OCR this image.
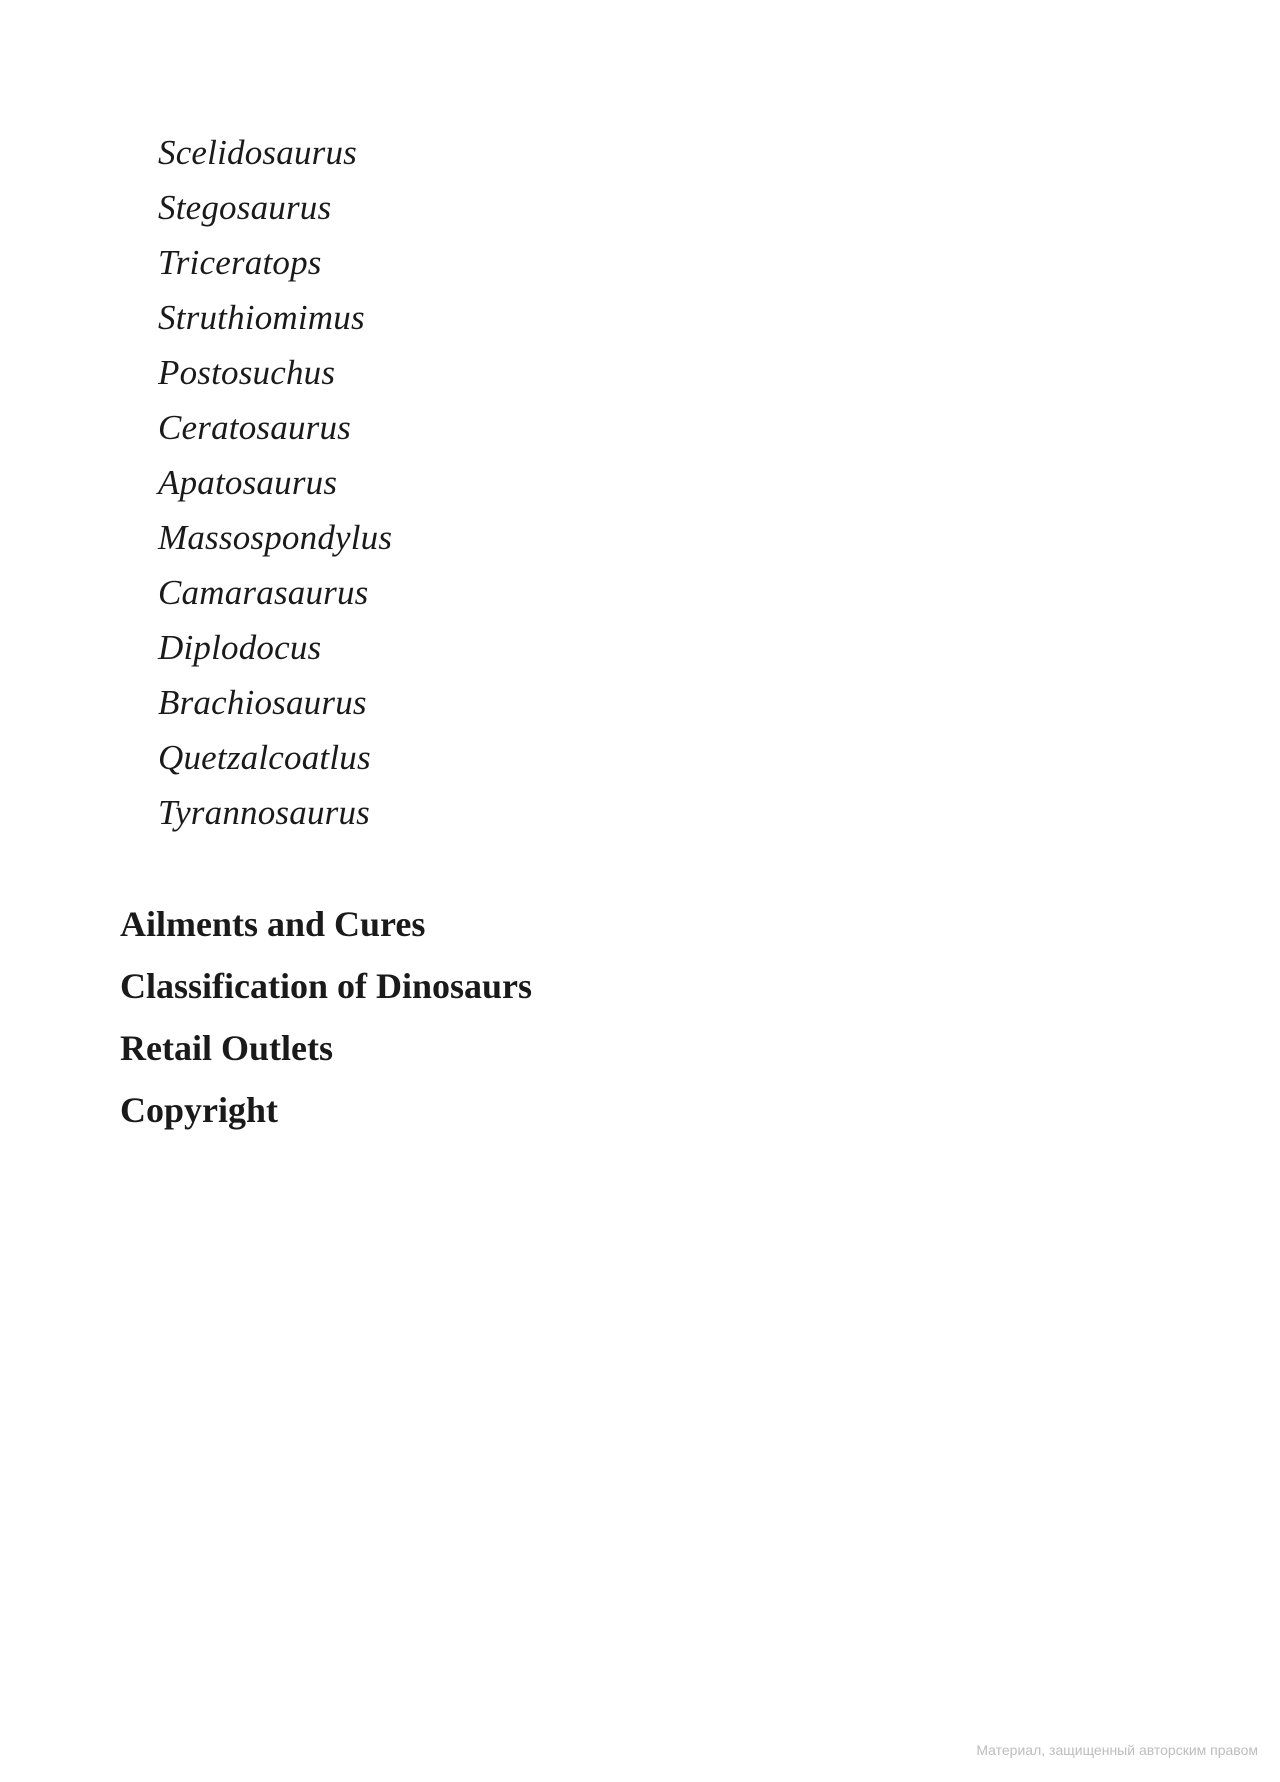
Scelidosaurus
Stegosaurus
Triceratops
Struthiomimus
Postosuchus
Ceratosaurus
Apatosaurus
Massospondylus
Camarasaurus
Diplodocus
Brachiosaurus
Quetzalcoatlus
Tyrannosaurus
Ailments and Cures
Classification of Dinosaurs
Retail Outlets
Copyright
Материал, защищенный авторским правом
